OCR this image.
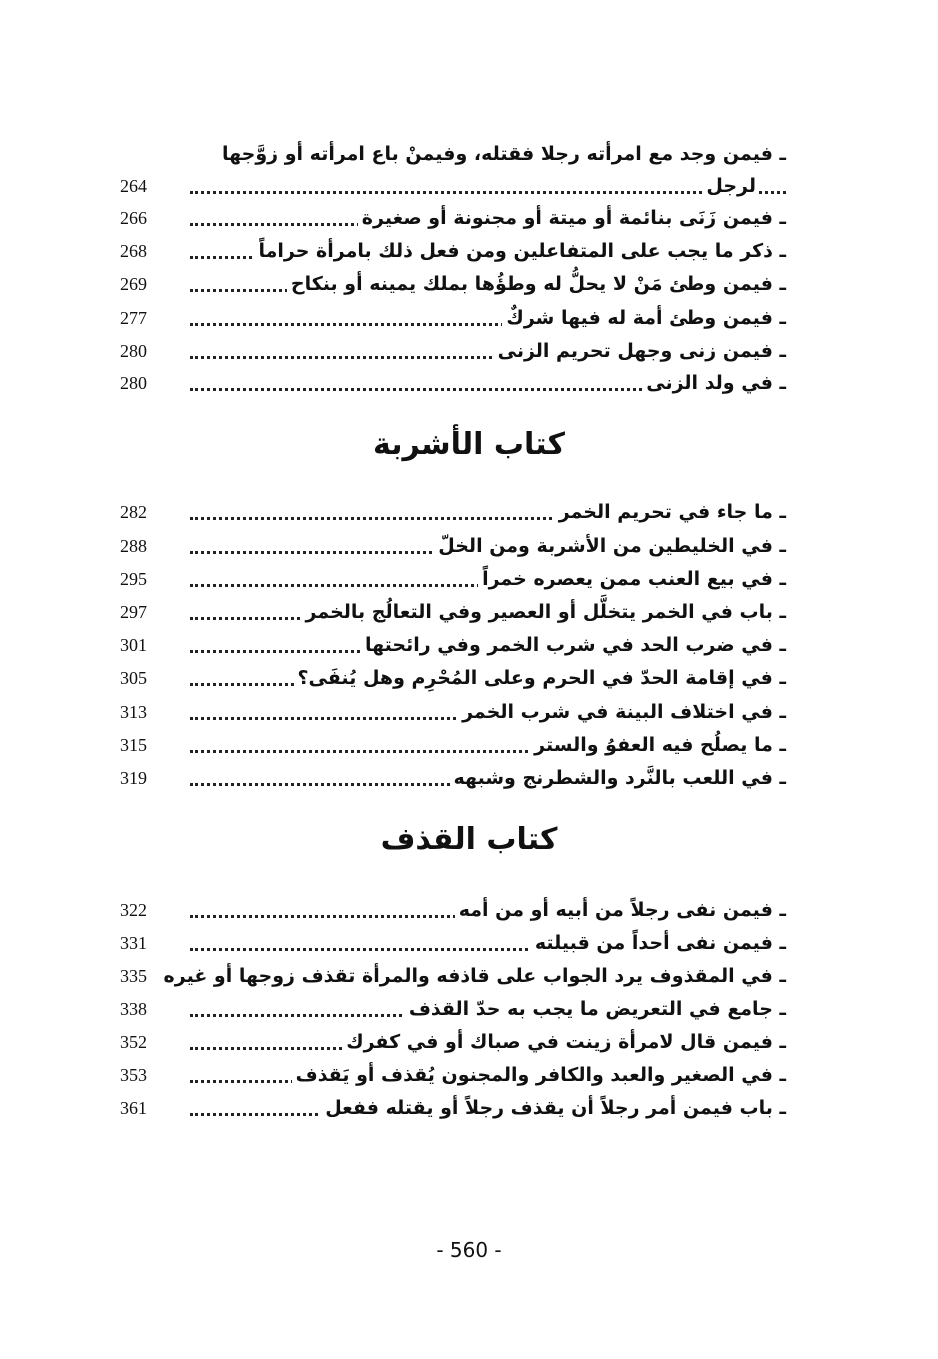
ـ فيمن وجد مع امرأته رجلا فقتله، وفيمنْ باع امرأته أو زوَّجها
لرجل
264
ـ فيمن زَنَى بنائمة أو ميتة أو مجنونة أو صغيرة
266
ـ ذكر ما يجب على المتفاعلين ومن فعل ذلك بامرأة حراماً
268
ـ فيمن وطئ مَنْ لا يحلُّ له وطؤُها بملك يمينه أو بنكاح
269
ـ فيمن وطئ أمة له فيها شركٌ
277
ـ فيمن زنى وجهل تحريم الزنى
280
ـ في ولد الزنى
280
كتاب الأشربة
ـ ما جاء في تحريم الخمر
282
ـ في الخليطين من الأشربة ومن الخلّ
288
ـ في بيع العنب ممن يعصره خمراً
295
ـ باب في الخمر يتخلَّل أو العصير وفي التعالُج بالخمر
297
ـ في ضرب الحد في شرب الخمر وفي رائحتها
301
ـ في إقامة الحدّ في الحرم وعلى المُحْرِم وهل يُنفَى؟
305
ـ في اختلاف البينة في شرب الخمر
313
ـ ما يصلُح فيه العفوُ والستر
315
ـ في اللعب بالنَّرد والشطرنج وشبهه
319
كتاب القذف
ـ فيمن نفى رجلاً من أبيه أو من أمه
322
ـ فيمن نفى أحداً من قبيلته
331
ـ في المقذوف يرد الجواب على قاذفه والمرأة تقذف زوجها أو غيره
335
ـ جامع في التعريض ما يجب به حدّ القذف
338
ـ فيمن قال لامرأة زينت في صباك أو في كفرك
352
ـ في الصغير والعبد والكافر والمجنون يُقذف أو يَقذف
353
ـ باب فيمن أمر رجلاً أن يقذف رجلاً أو يقتله ففعل
361
- 560 -
